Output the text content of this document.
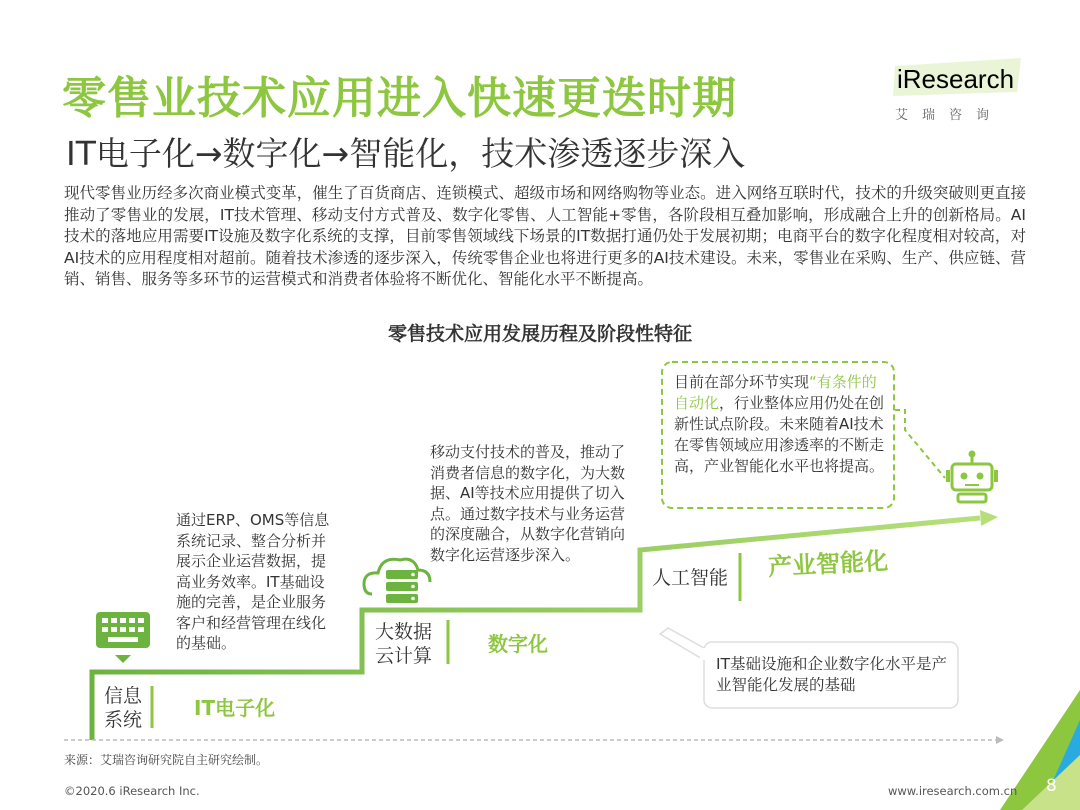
零售业技术应用进入快速更迭时期
IT电子化→数字化→智能化，技术渗透逐步深入
iResearch
艾瑞咨询
现代零售业历经多次商业模式变革，催生了百货商店、连锁模式、超级市场和网络购物等业态。进入网络互联时代，技术的升级突破则更直接推动了零售业的发展，IT技术管理、移动支付方式普及、数字化零售、人工智能+零售，各阶段相互叠加影响，形成融合上升的创新格局。AI技术的落地应用需要IT设施及数字化系统的支撑，目前零售领域线下场景的IT数据打通仍处于发展初期；电商平台的数字化程度相对较高，对AI技术的应用程度相对超前。随着技术渗透的逐步深入，传统零售企业也将进行更多的AI技术建设。未来，零售业在采购、生产、供应链、营销、销售、服务等多环节的运营模式和消费者体验将不断优化、智能化水平不断提高。
零售技术应用发展历程及阶段性特征
通过ERP、OMS等信息系统记录、整合分析并展示企业运营数据，提高业务效率。IT基础设施的完善，是企业服务客户和经营管理在线化的基础。
信息
系统	IT电子化
移动支付技术的普及，推动了消费者信息的数字化，为大数据、AI等技术应用提供了切入点。通过数字技术与业务运营的深度融合，从数字化营销向数字化运营逐步深入。
大数据
云计算	数字化
人工智能 产业智能化
目前在部分环节实现“有条件的自动化，行业整体应用仍处在创新性试点阶段。未来随着AI技术在零售领域应用渗透率的不断走高，产业智能化水平也将提高。
IT基础设施和企业数字化水平是产业智能化发展的基础
来源：艾瑞咨询研究院自主研究绘制。
©2020.6 iResearch Inc.	www.iresearch.com.cn 8
